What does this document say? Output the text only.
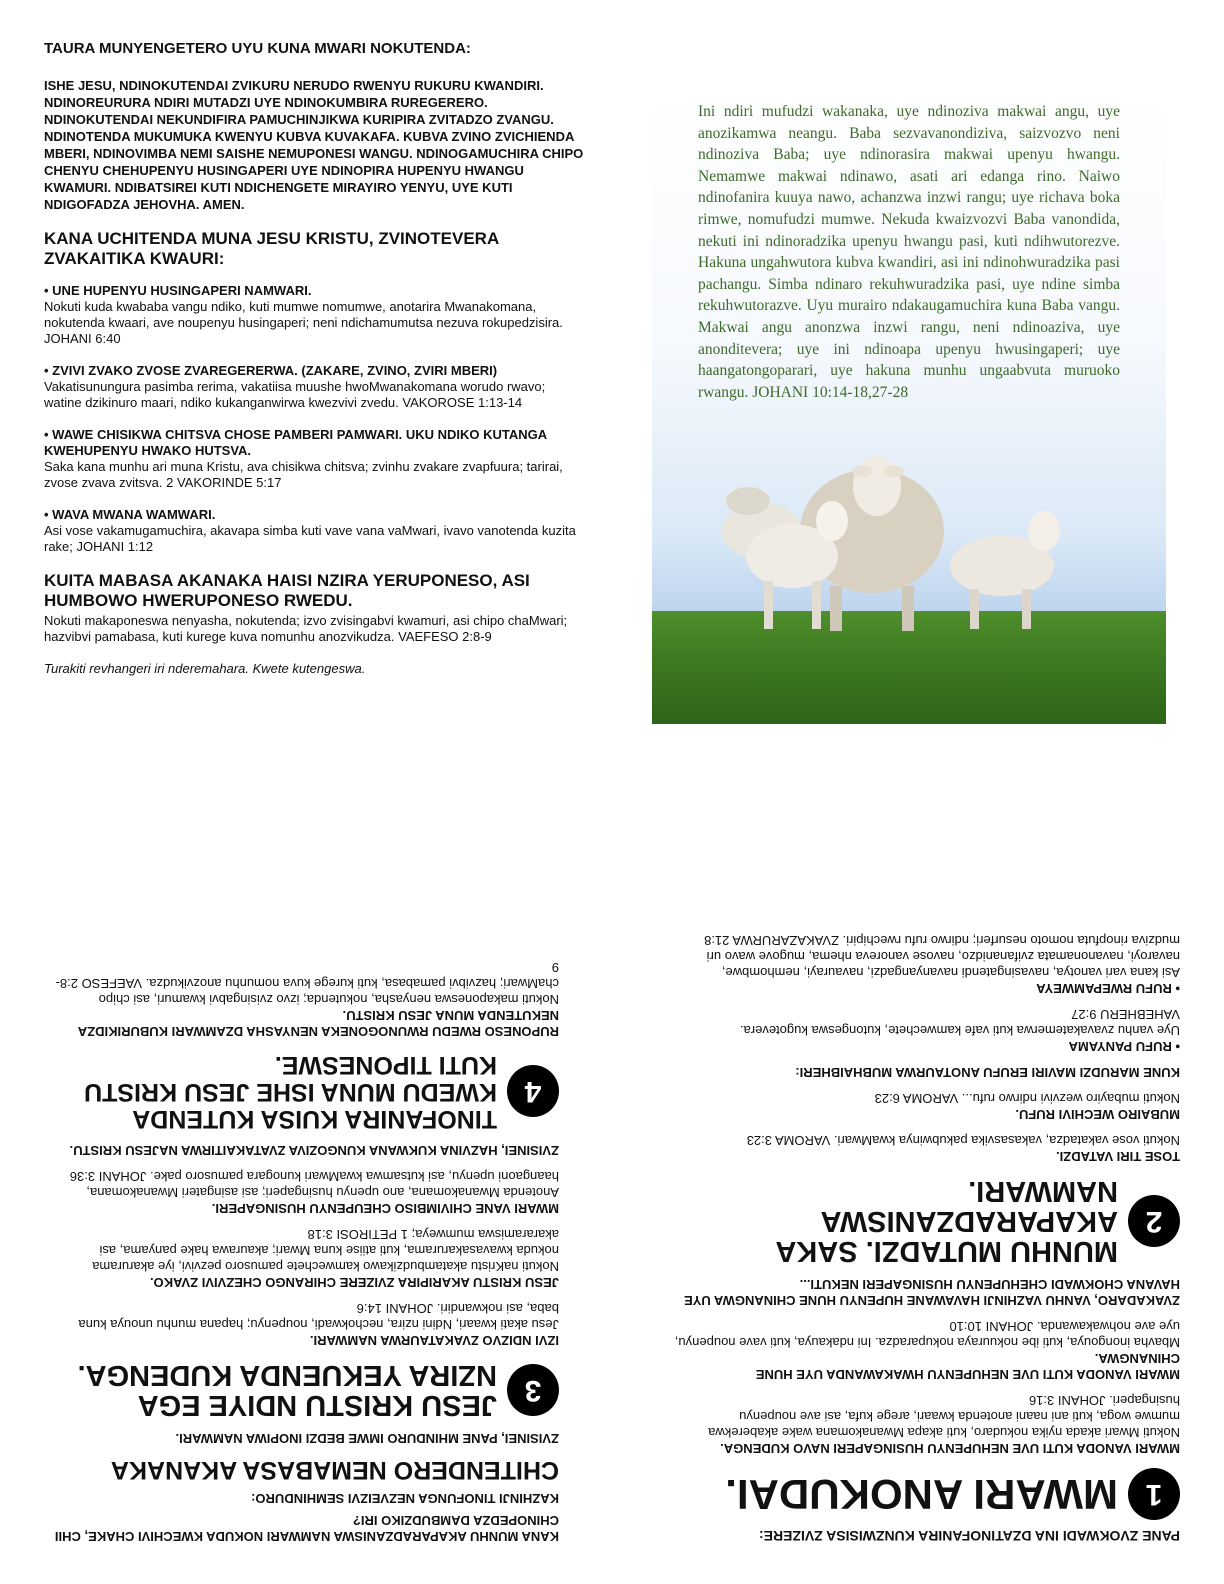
TAURA MUNYENGETERO UYU KUNA MWARI NOKUTENDA:
ISHE JESU, NDINOKUTENDAI ZVIKURU NERUDO RWENYU RUKURU KWANDIRI. NDINOREURURA NDIRI MUTADZI UYE NDINOKUMBIRA RUREGERERO. NDINOKUTENDAI NEKUNDIFIRA PAMUCHINJIKWA KURIPIRA ZVITADZO ZVANGU. NDINOTENDA MUKUMUKA KWENYU KUBVA KUVAKAFA. KUBVA ZVINO ZVICHIENDA MBERI, NDINOVIMBA NEMI SAISHE NEMUPONESI WANGU. NDINOGAMUCHIRA CHIPO CHENYU CHEHUPENYU HUSINGAPERI UYE NDINOPIRA HUPENYU HWANGU KWAMURI. NDIBATSIREI KUTI NDICHENGETE MIRAYIRO YENYU, UYE KUTI NDIGOFADZA JEHOVHA. AMEN.
KANA UCHITENDA MUNA JESU KRISTU, ZVINOTEVERA ZVAKAITIKA KWAURI:
• UNE HUPENYU HUSINGAPERI NAMWARI.
Nokuti kuda kwababa vangu ndiko, kuti mumwe nomumwe, anotarira Mwanakomana, nokutenda kwaari, ave noupenyu husingaperi; neni ndichamumutsa nezuva rokupedzisira. JOHANI 6:40
• ZVIVI ZVAKO ZVOSE ZVAREGERERWA. (ZAKARE, ZVINO, ZVIRI MBERI)
Vakatisunungura pasimba rerima, vakatiisa muushe hwoMwanakomana worudo rwavo; watine dzikinuro maari, ndiko kukanganwirwa kwezvivi zvedu. VAKOROSE 1:13-14
• WAWE CHISIKWA CHITSVA CHOSE PAMBERI PAMWARI. UKU NDIKO KUTANGA KWEHUPENYU HWAKO HUTSVA.
Saka kana munhu ari muna Kristu, ava chisikwa chitsva; zvinhu zvakare zvapfuura; tarirai, zvose zvava zvitsva. 2 VAKORINDE 5:17
• WAVA MWANA WAMWARI.
Asi vose vakamugamuchira, akavapa simba kuti vave vana vaMwari, ivavo vanotenda kuzita rake; JOHANI 1:12
KUITA MABASA AKANAKA HAISI NZIRA YERUPONESO, ASI HUMBOWO HWERUPONESO RWEDU.
Nokuti makaponeswa nenyasha, nokutenda; izvo zvisingabvi kwamuri, asi chipo chaMwari; hazvibvi pamabasa, kuti kurege kuva nomunhu anozvikudza. VAEFESO 2:8-9
Turakiti revhangeri iri nderemahara. Kwete kutengeswa.
Ini ndiri mufudzi wakanaka, uye ndinoziva makwai angu, uye anozikamwa neangu. Baba sezvavanondiziva, saizvozvo neni ndinoziva Baba; uye ndinorasira makwai upenyu hwangu. Nemamwe makwai ndinawo, asati ari edanga rino. Naiwo ndinofanira kuuya nawo, achanzwa inzwi rangu; uye richava boka rimwe, nomufudzi mumwe. Nekuda kwaizvozvi Baba vanondida, nekuti ini ndinoradzika upenyu hwangu pasi, kuti ndihwutorezve. Hakuna ungahwutora kubva kwandiri, asi ini ndinohwuradzika pasi pachangu. Simba ndinaro rekuhwuradzika pasi, uye ndine simba rekuhwutorazve. Uyu murairo ndakaugamuchira kuna Baba vangu. Makwai angu anonzwa inzwi rangu, neni ndinoaziva, uye anonditevera; uye ini ndinoapa upenyu hwusingaperi; uye haangatongoparari, uye hakuna munhu ungaabvuta muruoko rwangu. JOHANI 10:14-18,27-28
PANE ZVOKWADI INA DZATINOFANIRA KUNZWISISA ZVIZERE:
1
MWARI ANOKUDAI.
MWARI VANODA KUTI UVE NEHUPENYU HUSINGAPERI NAVO KUDENGA.
Nokuti Mwari akada nyika nokudaro, kuti akapa Mwanakomana wake akaberekwa mumwe woga, kuti ani naani anotenda kwaari, arege kufa, asi ave noupenyu husingaperi. JOHANI 3:16
MWARI VANODA KUTI UVE NEHUPENYU HWAKAWANDA UYE HUNE CHINANGWA.
Mbavha inongouya, kuti ibe nokuuraya nokuparadza. Ini ndakauya, kuti vave noupenyu, uye ave nohwakawanda. JOHANI 10:10
ZVAKADARO, VANHU VAZHINJI HAVAWANE HUPENYU HUNE CHINANGWA UYE HAVANA CHOKWADI CHEHUPENYU HUSINGAPERI NEKUTI...
2
MUNHU MUTADZI. SAKA AKAPARADZANISWA NAMWARI.
TOSE TIRI VATADZI.
Nokuti vose vakatadza, vakasasvika pakubwinya kwaMwari. VAROMA 3:23
MUBAIRO WECHIVI RUFU.
Nokuti mubayiro wezvivi ndirwo rufu... VAROMA 6:23
KUNE MARUDZI MAVIRI ERUFU ANOTAURWA MUBHAIBHERI:
• RUFU PANYAMA
Uye vanhu zvavakatemerwa kuti vafe kamwechete, kutongeswa kugotevera. VAHEBHERU 9:27
• RUFU RWEPAMWEYA
Asi kana vari vanotya, navasingatendi navanyangadzi, navaurayi, nemhombwe, navaroyi, navanonamata zvifananidzo, navose vanoreva nhema, mugove wavo uri mudziva rinopfuta nomoto nesurferi; ndirwo rufu rwechipiri. ZVAKAZARURWA 21:8
KANA MUNHU AKAPARADZANISWA NAMWARI NOKUDA KWECHIVI CHAKE, CHII CHINOPEDZA DAMBUDZIKO IRI?
KAZHINJI TINOFUNGA NEZVEIZVI SEMHINDURO:
CHITENDERO NEMABASA AKANAKA
ZVISINEI, PANE MHINDURO IMWE BEDZI INOPIWA NAMWARI.
3
JESU KRISTU NDIYE EGA NZIRA YEKUENDA KUDENGA.
IZVI NDIZVO ZVAKATAURWA NAMWARI.
Jesu akati kwaari, Ndini nzira, nechokwadi, noupenyu; hapana munhu unouya kuna baba, asi nokwandiri. JOHANI 14:6
JESU KRISTU AKARIPIRA ZVIZERE CHIRANGO CHEZVIVI ZVAKO.
Nokuti naKristu akatambudzikawo kamwechete pamusoro pezvivi, iye akarurama nokuda kwavasakarurama, kuti atiise kuna Mwari; akaurawa hake panyama, asi akararamiswa mumweya; 1 PETIROSI 3:18
MWARI VANE CHIVIMBISO CHEUPENYU HUSINGAPERI.
Anotenda Mwanakomana, ano upenyu husingaperi; asi asingateri Mwanakomana, haangaoni upenyu, asi kutsamwa kwaMwari kunogara pamusoro pake. JOHANI 3:36
ZVISINEI, HAZVINA KUKWANA KUNGOZIVA ZVATAKAITIRWA NAJESU KRISTU.
4
TINOFANIRA KUISA KUTENDA KWEDU MUNA ISHE JESU KRISTU KUTI TIPONESWE.
RUPONESO RWEDU RWUNOGONEKA NENYASHA DZAMWARI KUBURIKIDZA NEKUTENDA MUNA JESU KRISTU.
Nokuti makaponeswa nenyasha, nokutenda; izvo zvisingabvi kwamuri, asi chipo chaMwari; hazvibvi pamabasa, kuti kurege kuva nomunhu anozvikudza. VAEFESO 2:8-9
